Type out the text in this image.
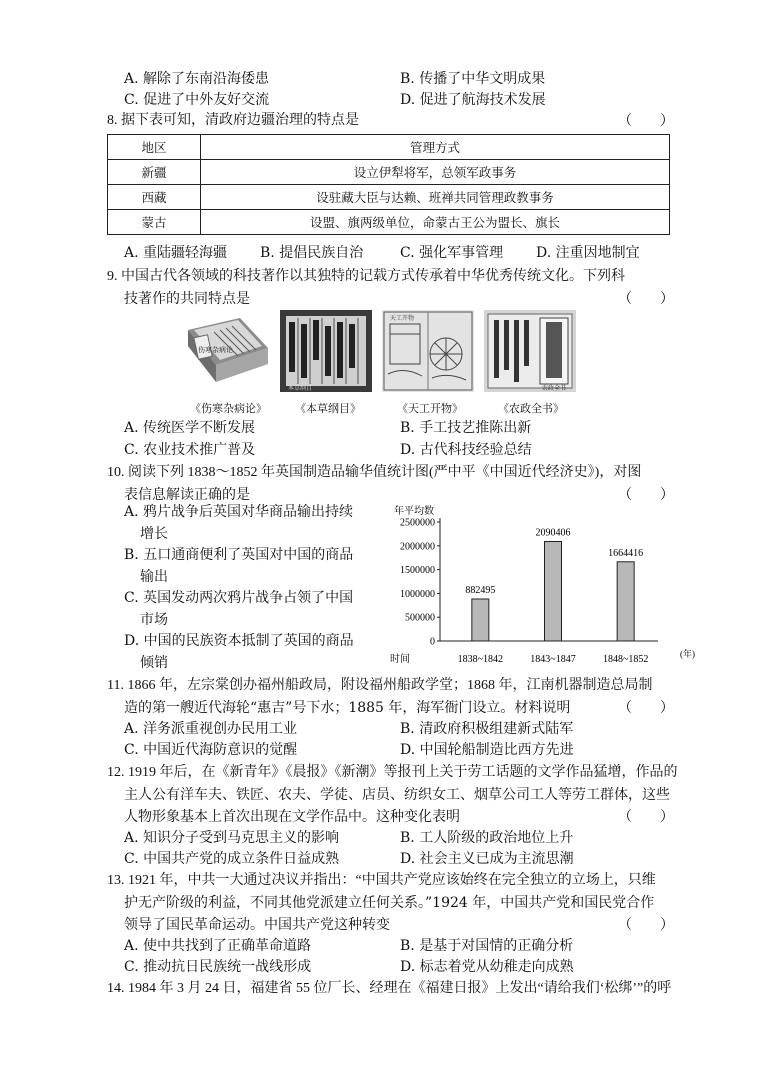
A. 解除了东南沿海倭患	B. 传播了中华文明成果
C. 促进了中外友好交流	D. 促进了航海技术发展
8. 据下表可知，清政府边疆治理的特点是	（　　）
地区	管理方式
新疆	设立伊犁将军，总领军政事务
西藏	设驻藏大臣与达赖、班禅共同管理政教事务
蒙古	设盟、旗两级单位，命蒙古王公为盟长、旗长
A. 重陆疆轻海疆 B. 提倡民族自治	C. 强化军事管理 D. 注重因地制宜
9. 中国古代各领域的科技著作以其独特的记载方式传承着中华优秀传统文化。下列科
技著作的共同特点是	（　　）
伤寒杂病论
本草纲目
天工开物
农政全书
《伤寒杂病论》	《本草纲目》	《天工开物》	《农政全书》
A. 传统医学不断发展	B. 手工技艺推陈出新
C. 农业技术推广普及	D. 古代科技经验总结
10. 阅读下列 1838～1852 年英国制造品输华值统计图(严中平《中国近代经济史》)，对图
表信息解读正确的是	（　　）
A. 鸦片战争后英国对华商品输出持续
增长
B. 五口通商便利了英国对中国的商品
输出
C. 英国发动两次鸦片战争占领了中国
市场
D. 中国的民族资本抵制了英国的商品
倾销
年平均数
0
500000
1000000
1500000
2000000
2500000
882495
1838~1842
2090406
1843~1847
1664416
1848~1852
时间	(年)
11. 1866 年，左宗棠创办福州船政局，附设福州船政学堂；1868 年，江南机器制造总局制
造的第一艘近代海轮“惠吉”号下水；1885 年，海军衙门设立。材料说明	（　　）
A. 洋务派重视创办民用工业	B. 清政府积极组建新式陆军
C. 中国近代海防意识的觉醒	D. 中国轮船制造比西方先进
12. 1919 年后，在《新青年》《晨报》《新潮》等报刊上关于劳工话题的文学作品猛增，作品的
主人公有洋车夫、铁匠、农夫、学徒、店员、纺织女工、烟草公司工人等劳工群体，这些
人物形象基本上首次出现在文学作品中。这种变化表明	（　　）
A. 知识分子受到马克思主义的影响	B. 工人阶级的政治地位上升
C. 中国共产党的成立条件日益成熟	D. 社会主义已成为主流思潮
13. 1921 年，中共一大通过决议并指出：“中国共产党应该始终在完全独立的立场上，只维
护无产阶级的利益，不同其他党派建立任何关系。”1924 年，中国共产党和国民党合作
领导了国民革命运动。中国共产党这种转变	（　　）
A. 使中共找到了正确革命道路	B. 是基于对国情的正确分析
C. 推动抗日民族统一战线形成	D. 标志着党从幼稚走向成熟
14. 1984 年 3 月 24 日，福建省 55 位厂长、经理在《福建日报》上发出“请给我们‘松绑’”的呼
